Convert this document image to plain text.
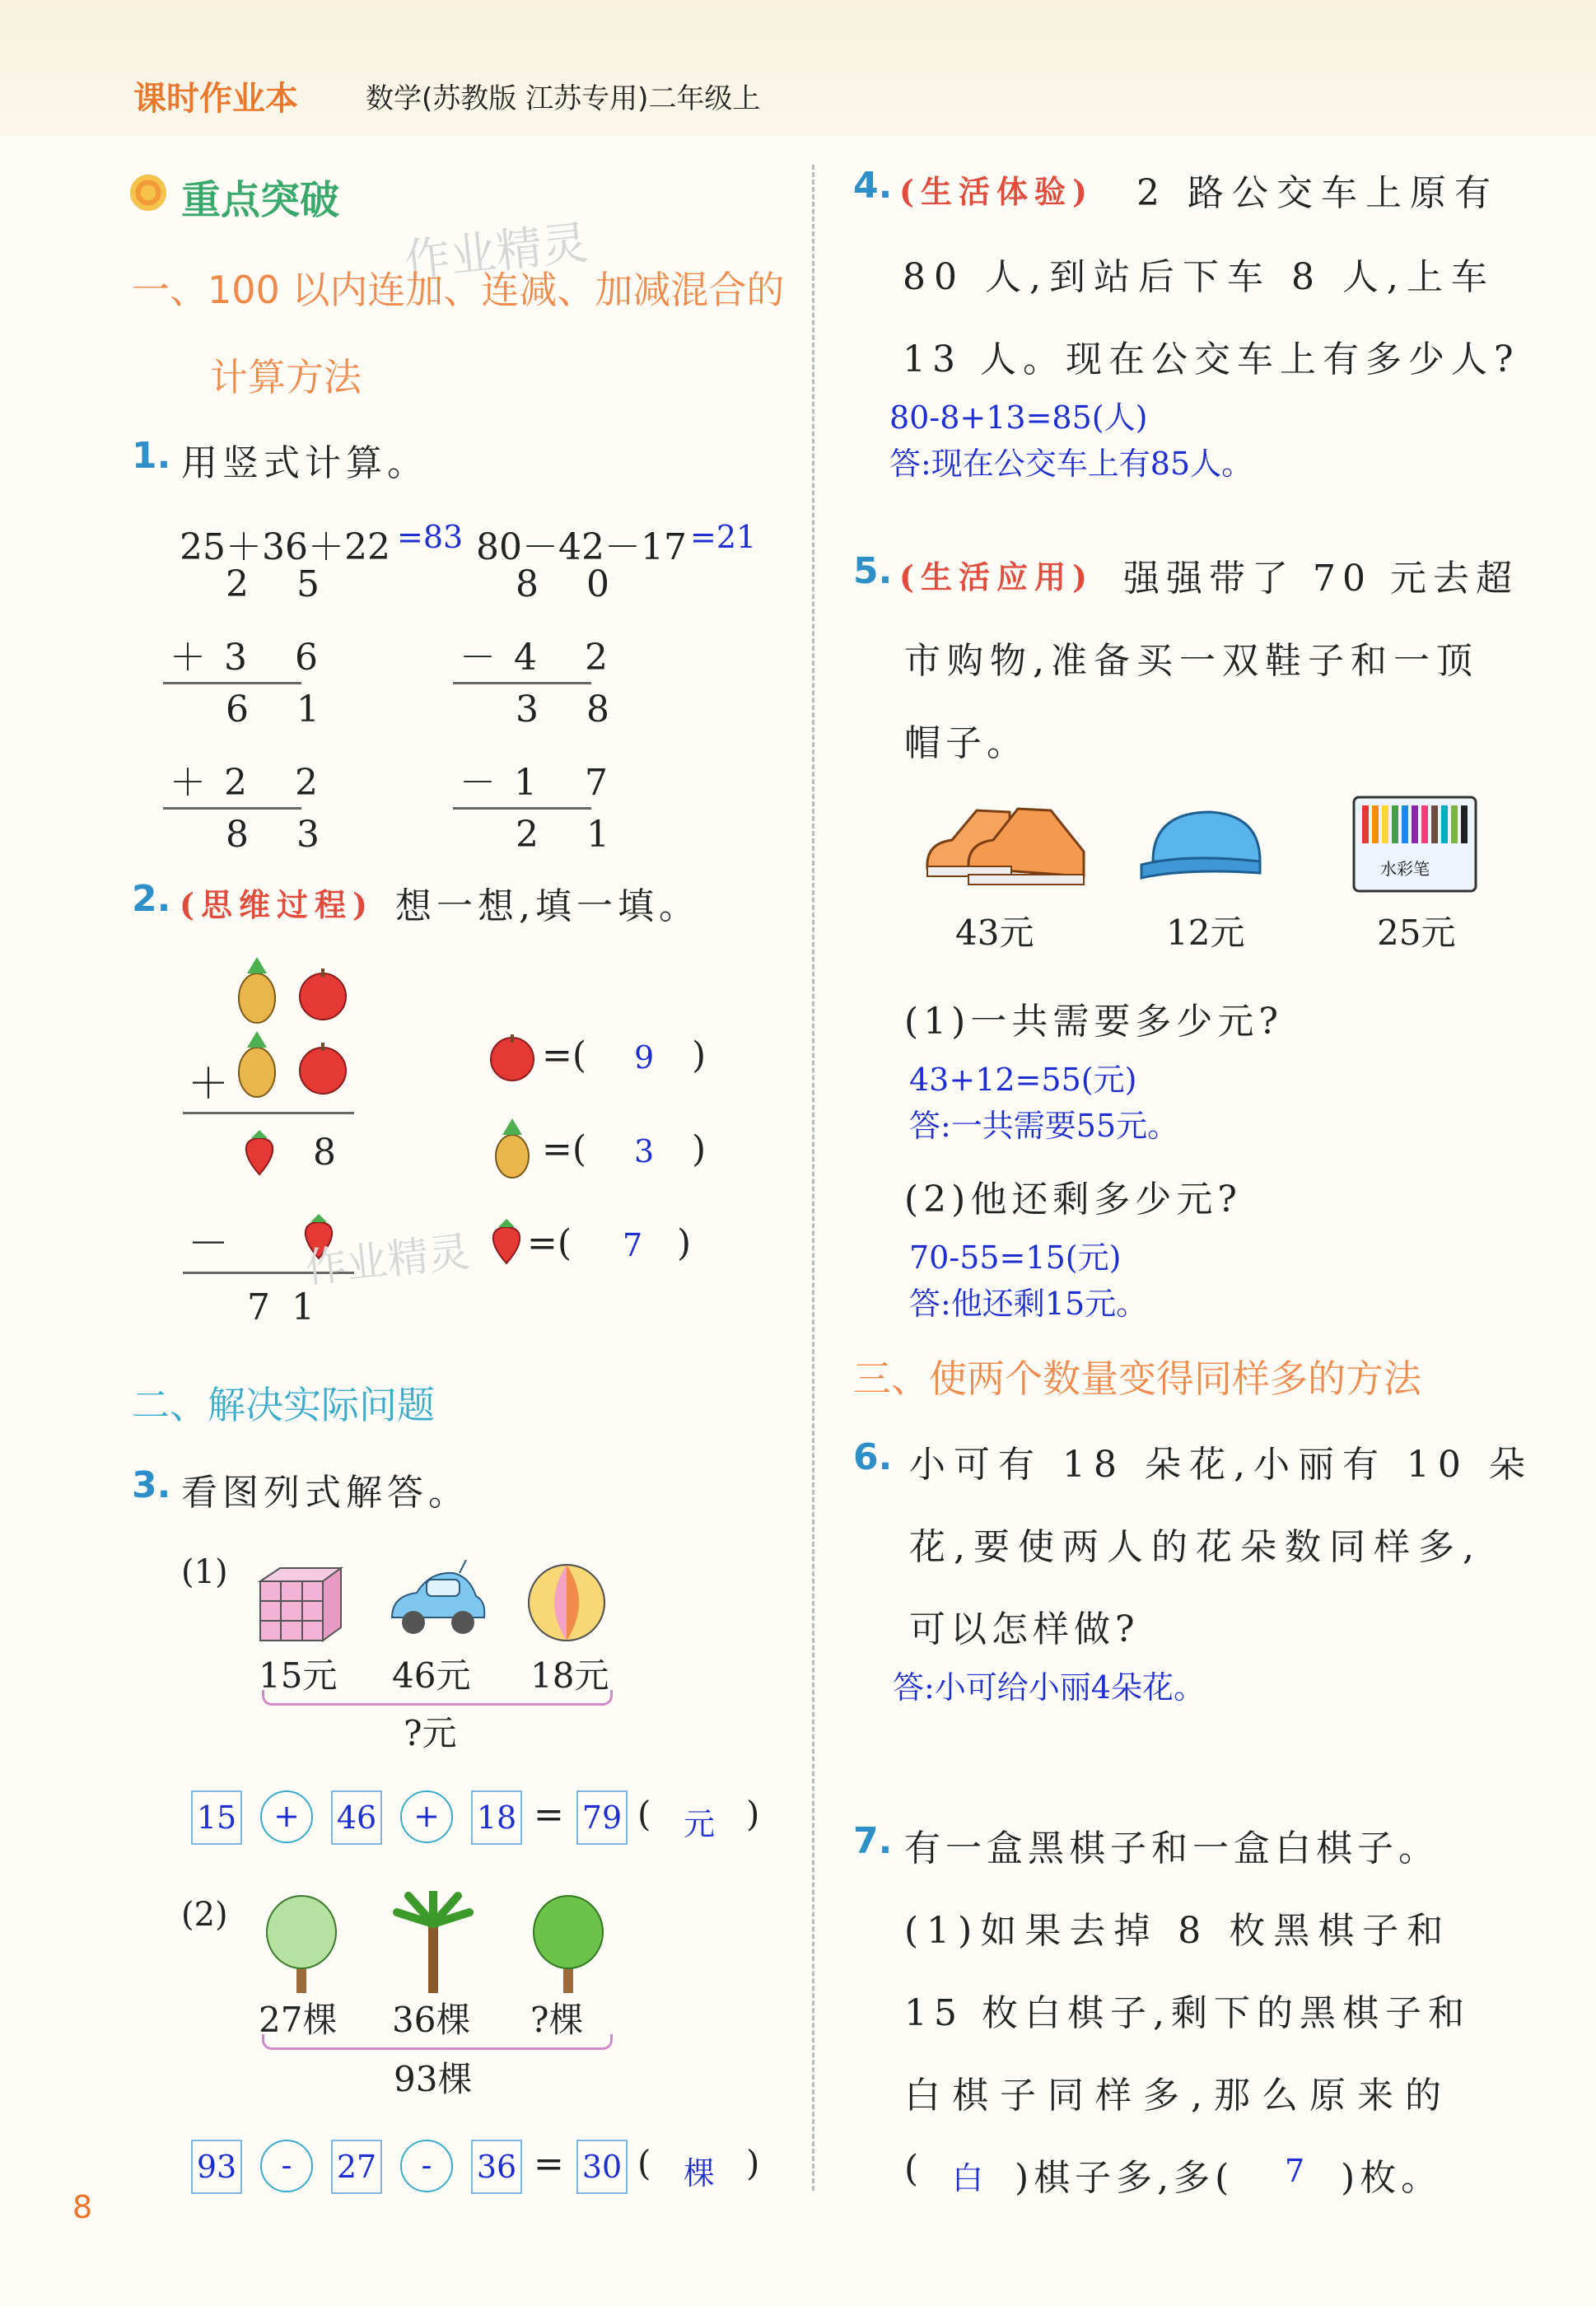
课时作业本 数学(苏教版 江苏专用)二年级上
重点突破
作业精灵
一、100 以内连加、连减、加减混合的
计算方法
1. 用竖式计算。
25＋36＋22 =83 80－42－17 =21
2 5
＋3 6
6 1
＋2 2
8 3
8 0
－4 2
3 8
－1 7
2 1
2. (思维过程) 想一想,填一填。
＋
8
－
7 1
作业精灵
=( 9 )
=( 3 )
=( 7 )
二、解决实际问题
3. 看图列式解答。
(1)
15元 46元 18元
?元
15	+	46	+	18 = 79 ( 元 )
(2)
27棵 36棵 ?棵
93棵
93	-	27	-	36 = 30 ( 棵 )
8
4. (生活体验) 2 路公交车上原有
80 人,到站后下车 8 人,上车
13 人。现在公交车上有多少人?
80-8+13=85(人)
答:现在公交车上有85人。
5. (生活应用) 强强带了 70 元去超
市购物,准备买一双鞋子和一顶
帽子。
水彩笔
43元	12元	25元
(1)一共需要多少元?
43+12=55(元)
答:一共需要55元。
(2)他还剩多少元?
70-55=15(元)
答:他还剩15元。
三、使两个数量变得同样多的方法
6. 小可有 18 朵花,小丽有 10 朵
花,要使两人的花朵数同样多,
可以怎样做?
答:小可给小丽4朵花。
7. 有一盒黑棋子和一盒白棋子。
(1)如果去掉 8 枚黑棋子和
15 枚白棋子,剩下的黑棋子和
白棋子同样多,那么原来的
( 白 )棋子多,多( 7 )枚。
